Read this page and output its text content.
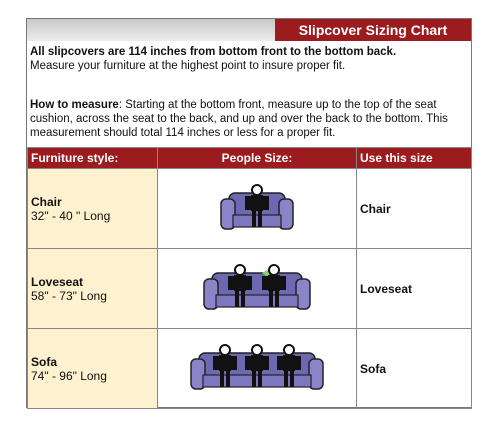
Slipcover Sizing Chart
All slipcovers are 114 inches from bottom front to the bottom back.
Measure your furniture at the highest point to insure proper fit.
How to measure: Starting at the bottom front, measure up to the top of the seat cushion, across the seat to the back, and up and over the back to the bottom. This measurement should total 114 inches or less for a proper fit.
Furniture style:	People Size:	Use this size

Chair
32" - 40 " Long		Chair

Loveseat
58" - 73" Long		Loveseat

Sofa
74" - 96" Long		Sofa
